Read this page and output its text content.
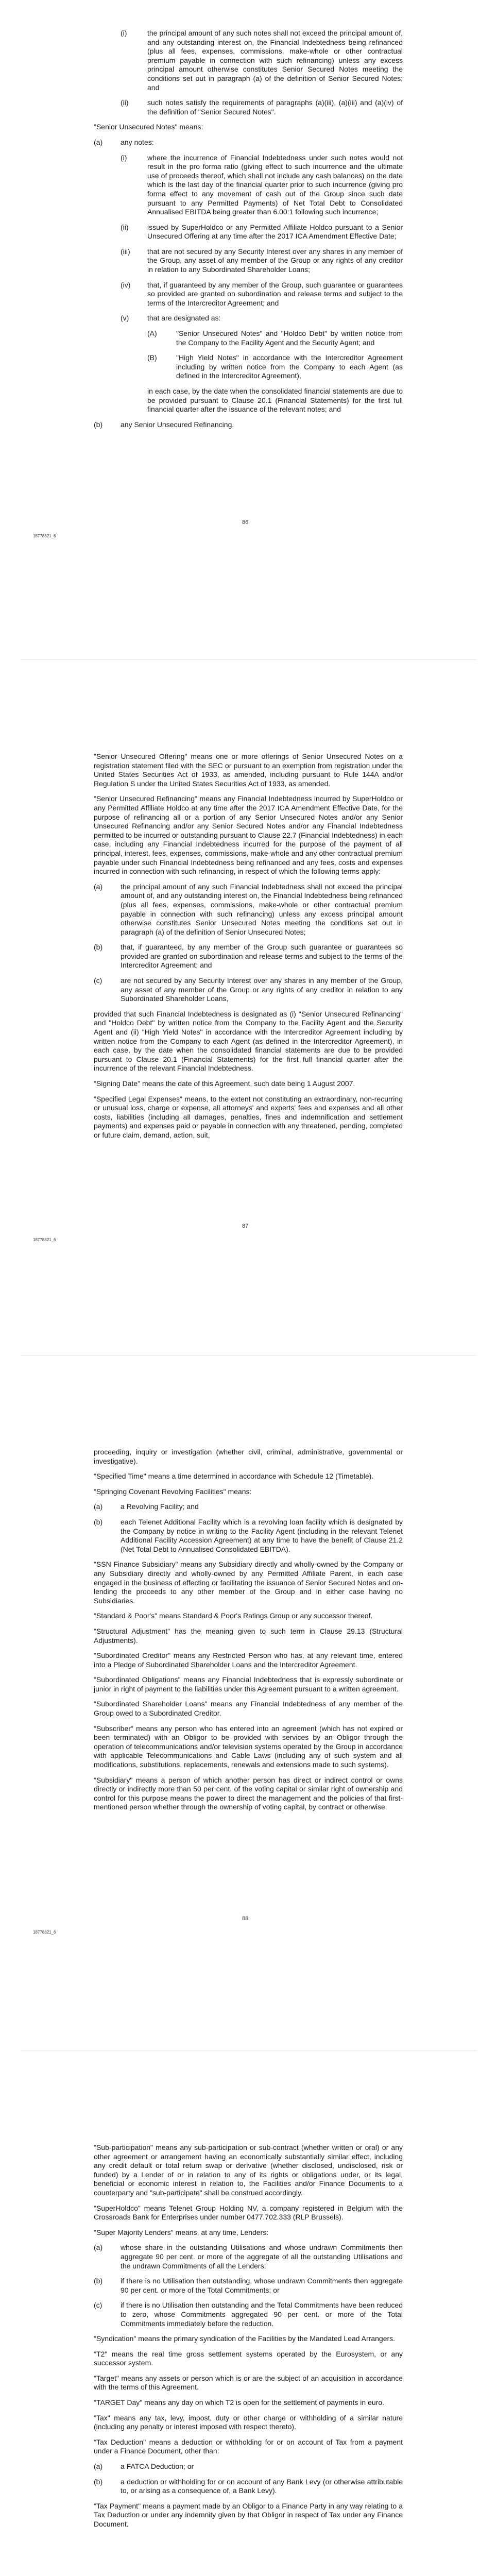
(i)	the principal amount of any such notes shall not exceed the principal amount of, and any outstanding interest on, the Financial Indebtedness being refinanced (plus all fees, expenses, commissions, make-whole or other contractual premium payable in connection with such refinancing) unless any excess principal amount otherwise constitutes Senior Secured Notes meeting the conditions set out in paragraph (a) of the definition of Senior Secured Notes; and
(ii)	such notes satisfy the requirements of paragraphs (a)(iii), (a)(iii) and (a)(iv) of the definition of "Senior Secured Notes".

"Senior Unsecured Notes" means:

(a) any notes:
(i)	where the incurrence of Financial Indebtedness under such notes would not result in the pro forma ratio (giving effect to such incurrence and the ultimate use of proceeds thereof, which shall not include any cash balances) on the date which is the last day of the financial quarter prior to such incurrence (giving pro forma effect to any movement of cash out of the Group since such date pursuant to any Permitted Payments) of Net Total Debt to Consolidated Annualised EBITDA being greater than 6.00:1 following such incurrence;
(ii)	issued by SuperHoldco or any Permitted Affiliate Holdco pursuant to a Senior Unsecured Offering at any time after the 2017 ICA Amendment Effective Date;
(iii) that are not secured by any Security Interest over any shares in any member of the Group, any asset of any member of the Group or any rights of any creditor in relation to any Subordinated Shareholder Loans;
(iv) that, if guaranteed by any member of the Group, such guarantee or guarantees so provided are granted on subordination and release terms and subject to the terms of the Intercreditor Agreement; and
(v)	that are designated as:
(A)	"Senior Unsecured Notes" and "Holdco Debt" by written notice from the Company to the Facility Agent and the Security Agent; and
(B)	"High Yield Notes" in accordance with the Intercreditor Agreement including by written notice from the Company to each Agent (as defined in the Intercreditor Agreement),

in each case, by the date when the consolidated financial statements are due to be provided pursuant to Clause 20.1 (Financial Statements) for the first full financial quarter after the issuance of the relevant notes; and

(b) any Senior Unsecured Refinancing.
86
18778821_6

"Senior Unsecured Offering" means one or more offerings of Senior Unsecured Notes on a registration statement filed with the SEC or pursuant to an exemption from registration under the United States Securities Act of 1933, as amended, including pursuant to Rule 144A and/or Regulation S under the United States Securities Act of 1933, as amended.

"Senior Unsecured Refinancing" means any Financial Indebtedness incurred by SuperHoldco or any Permitted Affiliate Holdco at any time after the 2017 ICA Amendment Effective Date, for the purpose of refinancing all or a portion of any Senior Unsecured Notes and/or any Senior Unsecured Refinancing and/or any Senior Secured Notes and/or any Financial Indebtedness permitted to be incurred or outstanding pursuant to Clause 22.7 (Financial Indebtedness) in each case, including any Financial Indebtedness incurred for the purpose of the payment of all principal, interest, fees, expenses, commissions, make-whole and any other contractual premium payable under such Financial Indebtedness being refinanced and any fees, costs and expenses incurred in connection with such refinancing, in respect of which the following terms apply:

(a) the principal amount of any such Financial Indebtedness shall not exceed the principal amount of, and any outstanding interest on, the Financial Indebtedness being refinanced (plus all fees, expenses, commissions, make-whole or other contractual premium payable in connection with such refinancing) unless any excess principal amount otherwise constitutes Senior Unsecured Notes meeting the conditions set out in paragraph (a) of the definition of Senior Unsecured Notes;
(b) that, if guaranteed, by any member of the Group such guarantee or guarantees so provided are granted on subordination and release terms and subject to the terms of the Intercreditor Agreement; and
(c)	are not secured by any Security Interest over any shares in any member of the Group, any asset of any member of the Group or any rights of any creditor in relation to any Subordinated Shareholder Loans,

provided that such Financial Indebtedness is designated as (i) "Senior Unsecured Refinancing" and "Holdco Debt" by written notice from the Company to the Facility Agent and the Security Agent and (ii) "High Yield Notes" in accordance with the Intercreditor Agreement including by written notice from the Company to each Agent (as defined in the Intercreditor Agreement), in each case, by the date when the consolidated financial statements are due to be provided pursuant to Clause 20.1 (Financial Statements) for the first full financial quarter after the incurrence of the relevant Financial Indebtedness.

"Signing Date" means the date of this Agreement, such date being 1 August 2007.

"Specified Legal Expenses" means, to the extent not constituting an extraordinary, non-recurring or unusual loss, charge or expense, all attorneys' and experts' fees and expenses and all other costs, liabilities (including all damages, penalties, fines and indemnification and settlement payments) and expenses paid or payable in connection with any threatened, pending, completed or future claim, demand, action, suit,

87
18778821_6

proceeding, inquiry or investigation (whether civil, criminal, administrative, governmental or investigative).

"Specified Time" means a time determined in accordance with Schedule 12 (Timetable).

"Springing Covenant Revolving Facilities" means:

(a) a Revolving Facility; and
(b) each Telenet Additional Facility which is a revolving loan facility which is designated by the Company by notice in writing to the Facility Agent (including in the relevant Telenet Additional Facility Accession Agreement) at any time to have the benefit of Clause 21.2 (Net Total Debt to Annualised Consolidated EBITDA).

"SSN Finance Subsidiary" means any Subsidiary directly and wholly-owned by the Company or any Subsidiary directly and wholly-owned by any Permitted Affiliate Parent, in each case engaged in the business of effecting or facilitating the issuance of Senior Secured Notes and on-lending the proceeds to any other member of the Group and in either case having no Subsidiaries.

"Standard & Poor's" means Standard & Poor's Ratings Group or any successor thereof.

"Structural Adjustment" has the meaning given to such term in Clause 29.13 (Structural Adjustments).

"Subordinated Creditor" means any Restricted Person who has, at any relevant time, entered into a Pledge of Subordinated Shareholder Loans and the Intercreditor Agreement.

"Subordinated Obligations" means any Financial Indebtedness that is expressly subordinate or junior in right of payment to the liabilities under this Agreement pursuant to a written agreement.

"Subordinated Shareholder Loans" means any Financial Indebtedness of any member of the Group owed to a Subordinated Creditor.

"Subscriber" means any person who has entered into an agreement (which has not expired or been terminated) with an Obligor to be provided with services by an Obligor through the operation of telecommunications and/or television systems operated by the Group in accordance with applicable Telecommunications and Cable Laws (including any of such system and all modifications, substitutions, replacements, renewals and extensions made to such systems).

"Subsidiary" means a person of which another person has direct or indirect control or owns directly or indirectly more than 50 per cent. of the voting capital or similar right of ownership and control for this purpose means the power to direct the management and the policies of that first-mentioned person whether through the ownership of voting capital, by contract or otherwise.

88
18778821_6

"Sub-participation" means any sub-participation or sub-contract (whether written or oral) or any other agreement or arrangement having an economically substantially similar effect, including any credit default or total return swap or derivative (whether disclosed, undisclosed, risk or funded) by a Lender of or in relation to any of its rights or obligations under, or its legal, beneficial or economic interest in relation to, the Facilities and/or Finance Documents to a counterparty and "sub-participate" shall be construed accordingly.

"SuperHoldco" means Telenet Group Holding NV, a company registered in Belgium with the Crossroads Bank for Enterprises under number 0477.702.333 (RLP Brussels).

"Super Majority Lenders" means, at any time, Lenders:

(a) whose share in the outstanding Utilisations and whose undrawn Commitments then aggregate 90 per cent. or more of the aggregate of all the outstanding Utilisations and the undrawn Commitments of all the Lenders;
(b) if there is no Utilisation then outstanding, whose undrawn Commitments then aggregate 90 per cent. or more of the Total Commitments; or
(c)	if there is no Utilisation then outstanding and the Total Commitments have been reduced to zero, whose Commitments aggregated 90 per cent. or more of the Total Commitments immediately before the reduction.

"Syndication" means the primary syndication of the Facilities by the Mandated Lead Arrangers.

"T2" means the real time gross settlement systems operated by the Eurosystem, or any successor system.

"Target" means any assets or person which is or are the subject of an acquisition in accordance with the terms of this Agreement.

"TARGET Day" means any day on which T2 is open for the settlement of payments in euro.

"Tax" means any tax, levy, impost, duty or other charge or withholding of a similar nature (including any penalty or interest imposed with respect thereto).

"Tax Deduction" means a deduction or withholding for or on account of Tax from a payment under a Finance Document, other than:

(a) a FATCA Deduction; or
(b) a deduction or withholding for or on account of any Bank Levy (or otherwise attributable to, or arising as a consequence of, a Bank Levy).

"Tax Payment" means a payment made by an Obligor to a Finance Party in any way relating to a Tax Deduction or under any indemnity given by that Obligor in respect of Tax under any Finance Document.
